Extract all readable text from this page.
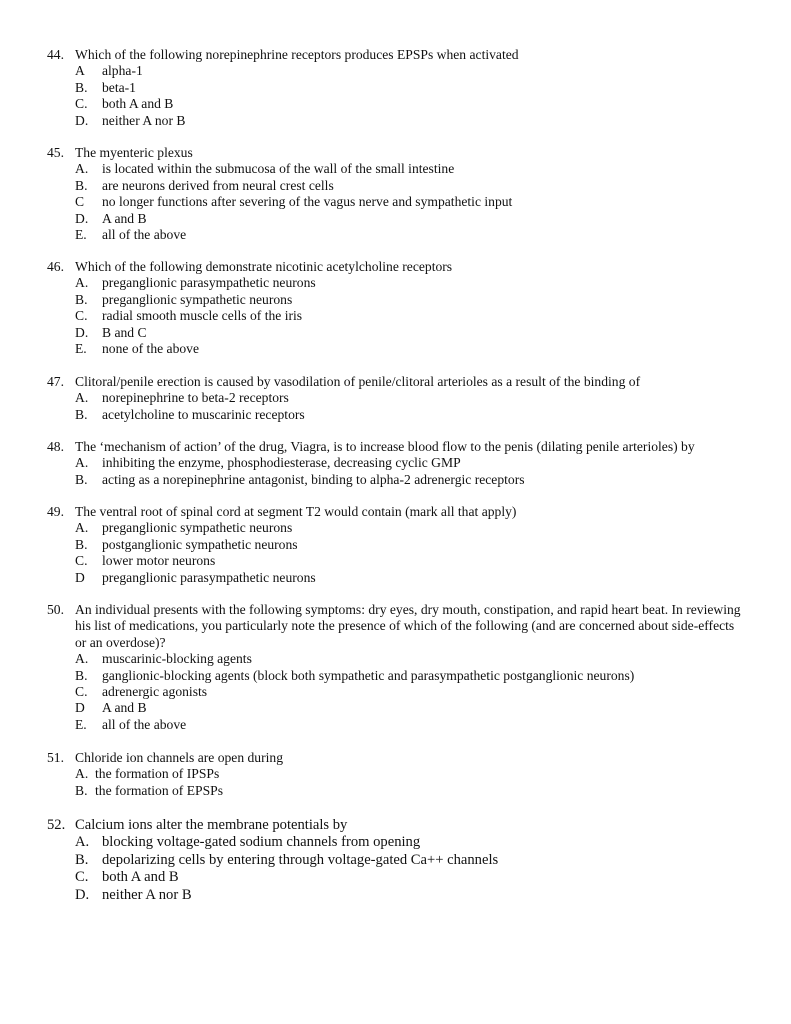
44. Which of the following norepinephrine receptors produces EPSPs when activated
A	alpha-1
B.	beta-1
C.	both A and B
D.	neither A nor B
45. The myenteric plexus
A.	is located within the submucosa of the wall of the small intestine
B.	are neurons derived from neural crest cells
C	no longer functions after severing of the vagus nerve and sympathetic input
D.	A and B
E.	all of the above
46. Which of the following demonstrate nicotinic acetylcholine receptors
A.	preganglionic parasympathetic neurons
B.	preganglionic sympathetic neurons
C.	radial smooth muscle cells of the iris
D.	B and C
E.	none of the above
47. Clitoral/penile erection is caused by vasodilation of penile/clitoral arterioles as a result of the binding of
A.	norepinephrine to beta-2 receptors
B.	acetylcholine to muscarinic receptors
48. The ‘mechanism of action’ of the drug, Viagra, is to increase blood flow to the penis (dilating penile arterioles) by
A.	inhibiting the enzyme, phosphodiesterase, decreasing cyclic GMP
B.	acting as a norepinephrine antagonist, binding to alpha-2 adrenergic receptors
49. The ventral root of spinal cord at segment T2 would contain (mark all that apply)
A.	preganglionic sympathetic neurons
B.	postganglionic sympathetic neurons
C.	lower motor neurons
D	preganglionic parasympathetic neurons
50. An individual presents with the following symptoms: dry eyes, dry mouth, constipation, and rapid heart beat. In reviewing his list of medications, you particularly note the presence of which of the following (and are concerned about side-effects or an overdose)?
A.	muscarinic-blocking agents
B.	ganglionic-blocking agents (block both sympathetic and parasympathetic postganglionic neurons)
C.	adrenergic agonists
D	A and B
E.	all of the above
51. Chloride ion channels are open during
A. the formation of IPSPs
B. the formation of EPSPs
52. Calcium ions alter the membrane potentials by
A. blocking voltage-gated sodium channels from opening
B. depolarizing cells by entering through voltage-gated Ca++ channels
C. both A and B
D. neither A nor B
